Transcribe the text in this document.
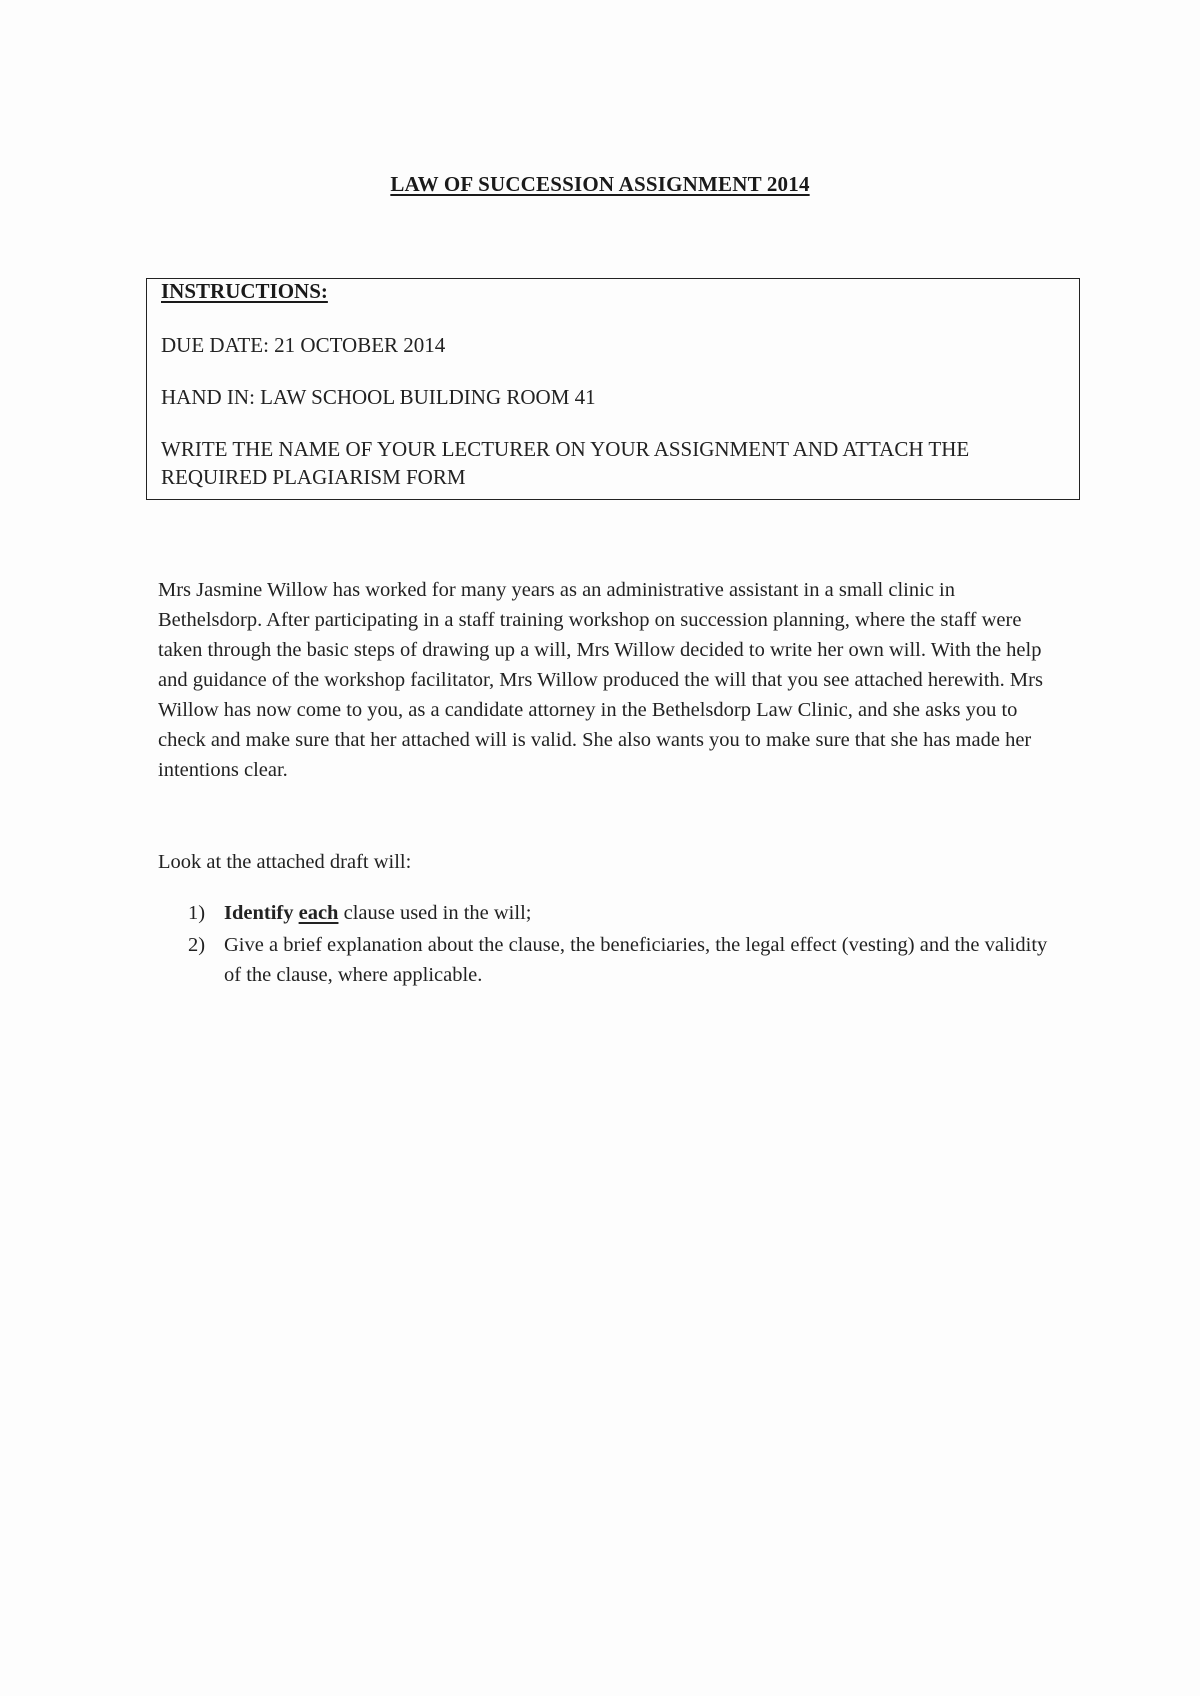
LAW OF SUCCESSION ASSIGNMENT 2014

INSTRUCTIONS:

DUE DATE: 21 OCTOBER 2014

HAND IN: LAW SCHOOL BUILDING ROOM 41

WRITE THE NAME OF YOUR LECTURER ON YOUR ASSIGNMENT AND ATTACH THE REQUIRED PLAGIARISM FORM

Mrs Jasmine Willow has worked for many years as an administrative assistant in a small clinic in Bethelsdorp. After participating in a staff training workshop on succession planning, where the staff were taken through the basic steps of drawing up a will, Mrs Willow decided to write her own will. With the help and guidance of the workshop facilitator, Mrs Willow produced the will that you see attached herewith. Mrs Willow has now come to you, as a candidate attorney in the Bethelsdorp Law Clinic, and she asks you to check and make sure that her attached will is valid. She also wants you to make sure that she has made her intentions clear.

Look at the attached draft will:

1) Identify each clause used in the will;
2) Give a brief explanation about the clause, the beneficiaries, the legal effect (vesting) and the validity of the clause, where applicable.
